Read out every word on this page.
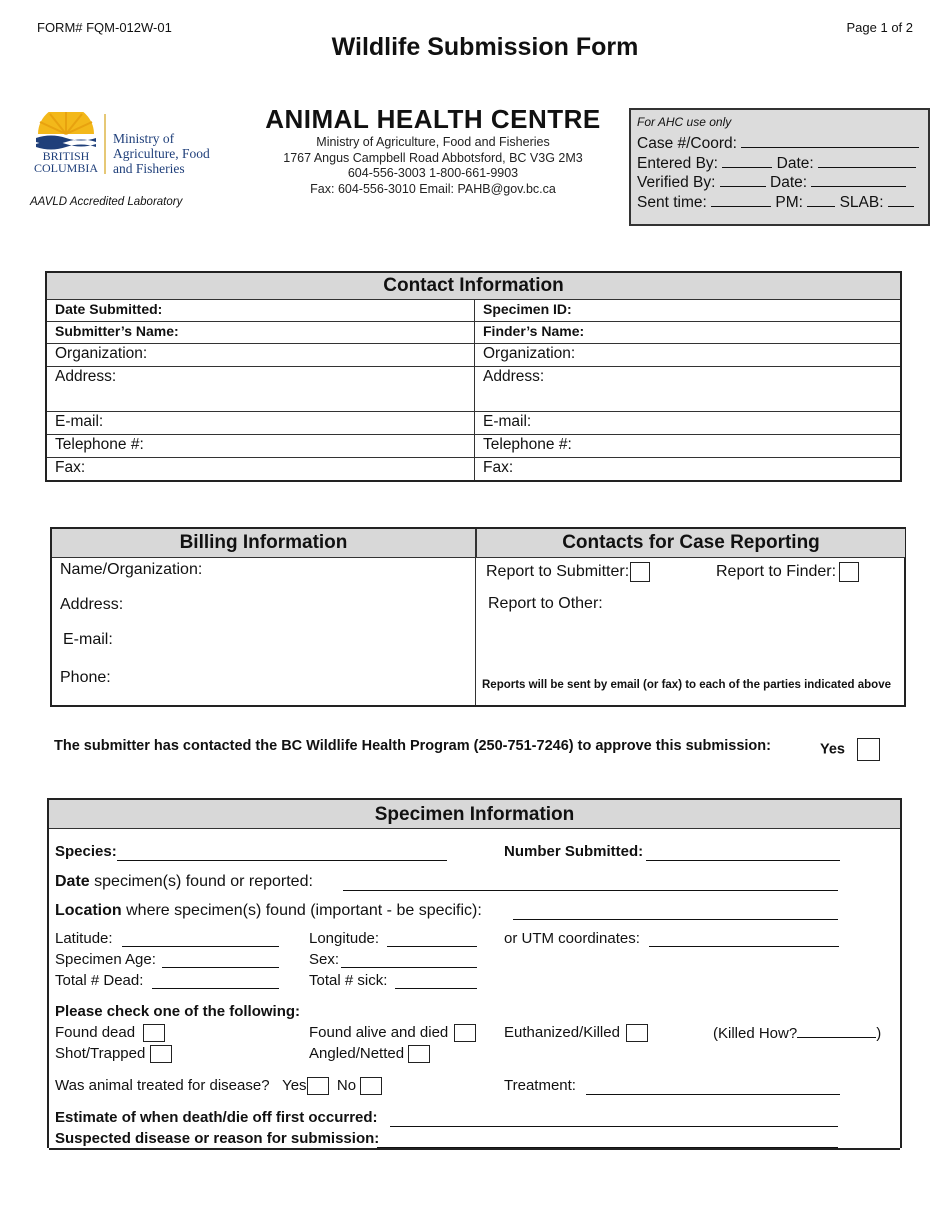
FORM# FQM-012W-01	Page 1 of 2
Wildlife Submission Form
BRITISH
COLUMBIA
Ministry of
Agriculture, Food
and Fisheries
AAVLD Accredited Laboratory
ANIMAL HEALTH CENTRE
Ministry of Agriculture, Food and Fisheries
1767 Angus Campbell Road Abbotsford, BC V3G 2M3
604-556-3003 1-800-661-9903
Fax: 604-556-3010 Email: PAHB@gov.bc.ca
For AHC use only
Case #/Coord:
Entered By:	Date:
Verified By:	Date:
Sent time:	PM: SLAB:
Contact Information	
Date Submitted:	Specimen ID:
Submitter’s Name:	Finder’s Name:
Organization:	Organization:
Address:	Address:
E-mail:	E-mail:
Telephone #:	Telephone #:
Fax:	Fax:
Billing Information	Contacts for Case Reporting
Name/Organization:
Address:
E-mail:
Phone:
Report to Submitter:	Report to Finder:
Report to Other:
Reports will be sent by email (or fax) to each of the parties indicated above
The submitter has contacted the BC Wildlife Health Program (250-751-7246) to approve this submission:	Yes
Specimen Information
Species:	Number Submitted:
Date specimen(s) found or reported:
Location where specimen(s) found (important - be specific):
Latitude:	Longitude:	or UTM coordinates:
Specimen Age:	Sex:
Total # Dead:	Total # sick:
Please check one of the following:
Found dead	Found alive and died	Euthanized/Killed	(Killed How?	)
Shot/Trapped	Angled/Netted
Was animal treated for disease? Yes No	Treatment:
Estimate of when death/die off first occurred:
Suspected disease or reason for submission:
